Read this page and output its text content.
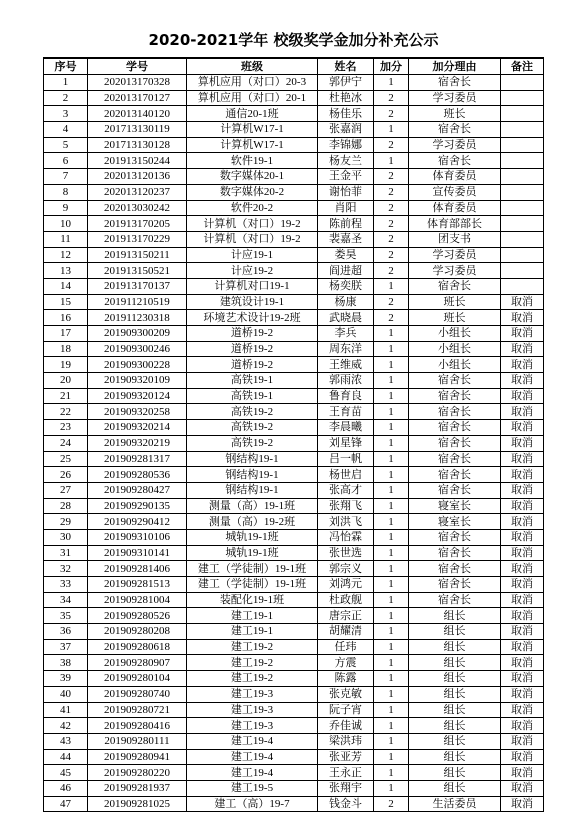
2020-2021学年 校级奖学金加分补充公示
序号	学号	班级	姓名	加分	加分理由	备注
1	202013170328	算机应用（对口）20-3	郭伊宁	1	宿舍长	
2	202013170127	算机应用（对口）20-1	杜艳冰	2	学习委员	
3	202013140120	通信20-1班	杨佳乐	2	班长	
4	201713130119	计算机W17-1	张嘉润	1	宿舍长	
5	201713130128	计算机W17-1	李锦娜	2	学习委员	
6	201913150244	软件19-1	杨友兰	1	宿舍长	
7	202013120136	数字媒体20-1	王金平	2	体育委员	
8	202013120237	数字媒体20-2	谢怡菲	2	宣传委员	
9	202013030242	软件20-2	肖阳	2	体育委员	
10	201913170205	计算机（对口）19-2	陈前程	2	体育部部长	
11	201913170229	计算机（对口）19-2	裴嘉圣	2	团支书	
12	201913150211	计应19-1	娄昊	2	学习委员	
13	201913150521	计应19-2	阎进超	2	学习委员	
14	201913170137	计算机对口19-1	杨奕朕	1	宿舍长	
15	201911210519	建筑设计19-1	杨康	2	班长	取消
16	201911230318	环境艺术设计19-2班	武晓晨	2	班长	取消
17	201909300209	道桥19-2	李兵	1	小组长	取消
18	201909300246	道桥19-2	周东洋	1	小组长	取消
19	201909300228	道桥19-2	王维威	1	小组长	取消
20	201909320109	高铁19-1	郭雨浓	1	宿舍长	取消
21	201909320124	高铁19-1	鲁育良	1	宿舍长	取消
22	201909320258	高铁19-2	王育苗	1	宿舍长	取消
23	201909320214	高铁19-2	李晨曦	1	宿舍长	取消
24	201909320219	高铁19-2	刘星锋	1	宿舍长	取消
25	201909281317	钢结构19-1	吕一帆	1	宿舍长	取消
26	201909280536	钢结构19-1	杨世启	1	宿舍长	取消
27	201909280427	钢结构19-1	张高才	1	宿舍长	取消
28	201909290135	测量（高）19-1班	张翔飞	1	寝室长	取消
29	201909290412	测量（高）19-2班	刘洪飞	1	寝室长	取消
30	201909310106	城轨19-1班	冯怡霖	1	宿舍长	取消
31	201909310141	城轨19-1班	张世选	1	宿舍长	取消
32	201909281406	建工（学徒制）19-1班	郭宗义	1	宿舍长	取消
33	201909281513	建工（学徒制）19-1班	刘鸿元	1	宿舍长	取消
34	201909281004	装配化19-1班	杜政舰	1	宿舍长	取消
35	201909280526	建工19-1	唐宗正	1	组长	取消
36	201909280208	建工19-1	胡耀清	1	组长	取消
37	201909280618	建工19-2	任玮	1	组长	取消
38	201909280907	建工19-2	方震	1	组长	取消
39	201909280104	建工19-2	陈露	1	组长	取消
40	201909280740	建工19-3	张克敏	1	组长	取消
41	201909280721	建工19-3	阮子宵	1	组长	取消
42	201909280416	建工19-3	乔佳诚	1	组长	取消
43	201909280111	建工19-4	梁洪玮	1	组长	取消
44	201909280941	建工19-4	张亚芳	1	组长	取消
45	201909280220	建工19-4	王永正	1	组长	取消
46	201909281937	建工19-5	张翔宇	1	组长	取消
47	201909281025	建工（高）19-7	钱金斗	2	生活委员	取消
